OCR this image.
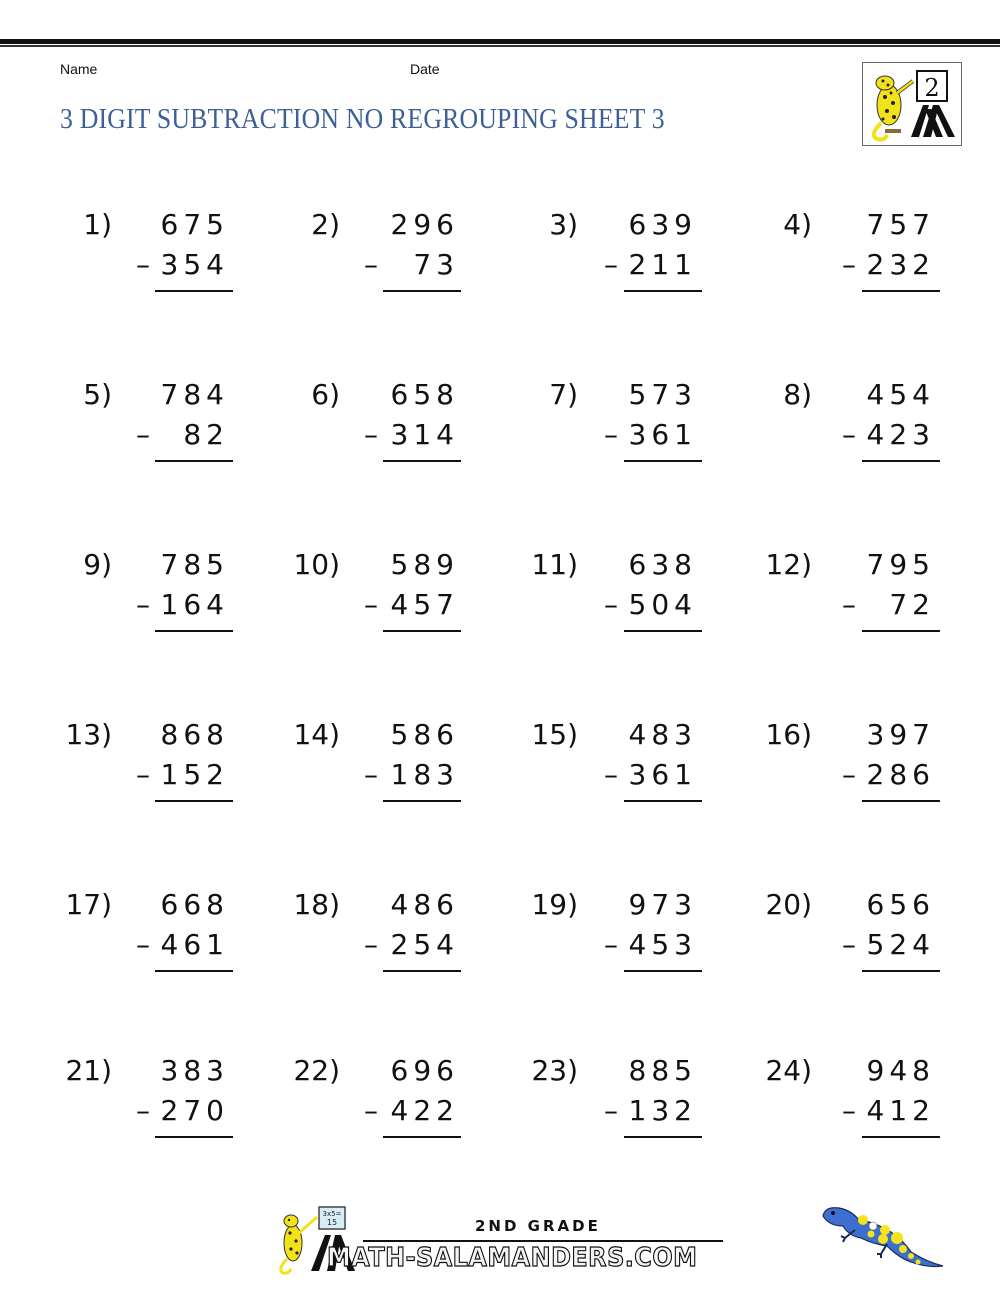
Name	Date
3 DIGIT SUBTRACTION NO REGROUPING SHEET 3
2
1) 675
– 354
2) 296
– 73
3) 639
– 211
4) 757
– 232
5) 784
– 82
6) 658
– 314
7) 573
– 361
8) 454
– 423
9) 785
– 164
10) 589
– 457
11) 638
– 504
12) 795
– 72
13) 868
– 152
14) 586
– 183
15) 483
– 361
16) 397
– 286
17) 668
– 461
18) 486
– 254
19) 973
– 453
20) 656
– 524
21) 383
– 270
22) 696
– 422
23) 885
– 132
24) 948
– 412
3x5=
15	2ND GRADE
MATH-SALAMANDERS.COM
